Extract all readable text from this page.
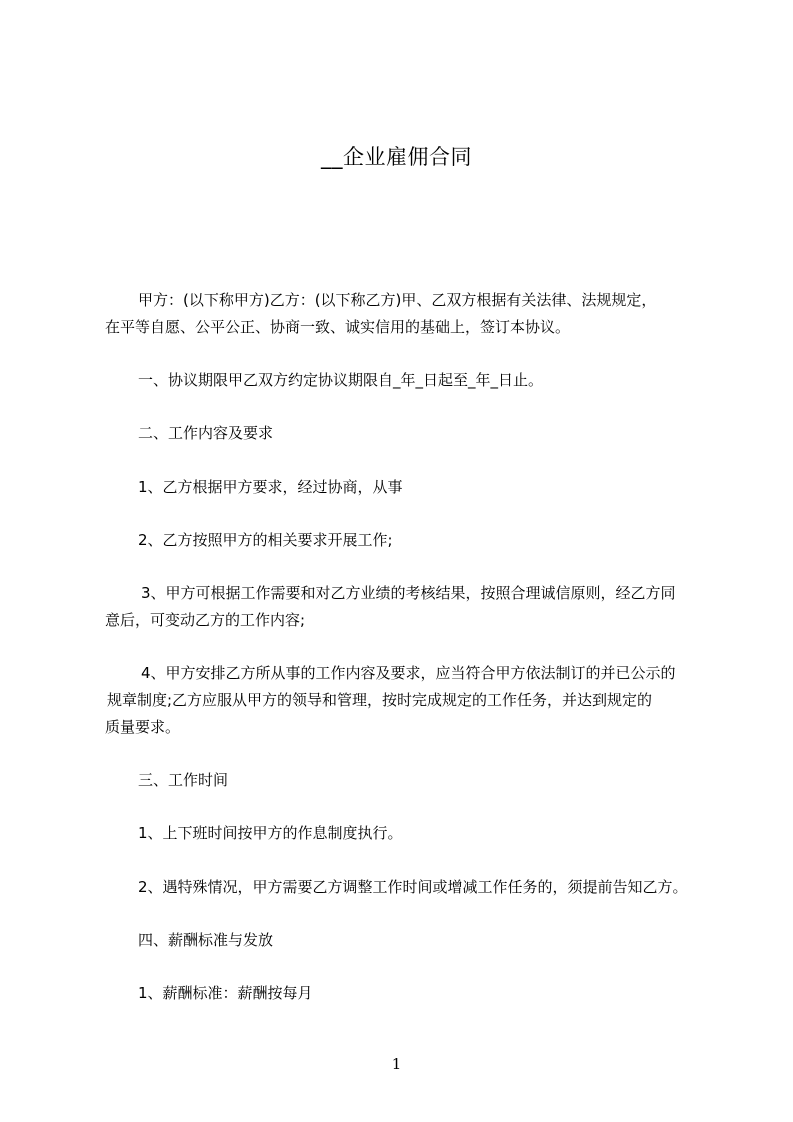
__企业雇佣合同
甲方：(以下称甲方)乙方：(以下称乙方)甲、乙双方根据有关法律、法规规定，
在平等自愿、公平公正、协商一致、诚实信用的基础上，签订本协议。
一、协议期限甲乙双方约定协议期限自_年_日起至_年_日止。
二、工作内容及要求
1、乙方根据甲方要求，经过协商，从事
2、乙方按照甲方的相关要求开展工作;
3、甲方可根据工作需要和对乙方业绩的考核结果，按照合理诚信原则，经乙方同
意后，可变动乙方的工作内容;
4、甲方安排乙方所从事的工作内容及要求，应当符合甲方依法制订的并已公示的
规章制度;乙方应服从甲方的领导和管理，按时完成规定的工作任务，并达到规定的
质量要求。
三、工作时间
1、上下班时间按甲方的作息制度执行。
2、遇特殊情况，甲方需要乙方调整工作时间或增减工作任务的，须提前告知乙方。
四、薪酬标准与发放
1、薪酬标准：薪酬按每月
1
